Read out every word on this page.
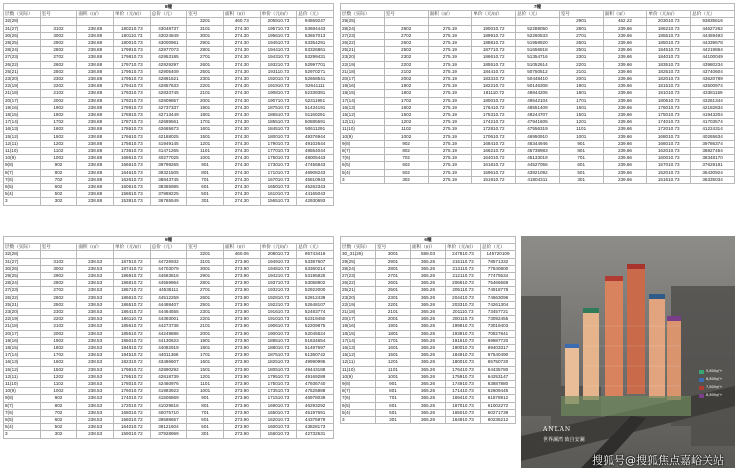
8幢								
层数（实际）	室号	面积（㎡）	单价（元/㎡）	总价（元）	室号	面积（㎡）	单价（元/㎡）	总价（元）
32(28)					3201	460.73	205910.73	94869247
31(27)	3102	238.88	180210.73	43048737	3101	274.30	195710.73	53684443
30(26)	3002	238.88	180110.73	43024849	3001	274.30	195610.73	53657013
29(25)	2902	238.88	180010.73	43000961	2901	274.30	194510.73	53354291
28(24)	2802	238.88	179910.73	42977073	2801	274.30	194410.73	53326861
27(23)	2702	238.88	179810.73	42953185	2701	274.30	194310.73	53299431
26(22)	2602	238.88	179710.73	42929297	2601	274.30	193210.73	52997701
25(21)	2502	238.88	179510.73	42905409	2501	274.30	193110.73	52970271
23(20)	2302	238.88	179510.73	42881521	2301	274.30	192010.73	52668541
22(19)	2202	238.88	179410.73	42857633	2201	274.30	191910.73	52641111
21(18)	2102	238.88	179310.73	42833745	2101	274.30	190810.73	52339381
20(17)	2002	238.88	179210.73	42809857	2001	274.30	190710.73	52311951
19(16)	1902	238.88	178910.73	42737337	1901	274.30	187510.73	51434191
18(15)	1802	238.88	178810.73	42713449	1801	274.30	186510.73	51160291
17(14)	1702	238.88	178710.73	42689561	1701	274.30	185510.73	50885591
16(13)	1602	238.88	178610.73	42665673	1601	274.30	184510.73	50611291
15(12)	1502	238.88	176610.73	42188025	1501	274.30	180010.73	49376944
12(11)	1202	238.88	175610.73	41949145	1201	274.30	179010.73	49102644
11(10)	1102	238.88	173610.73	41471265	1101	274.30	177010.73	48554044
10(9)	1002	238.88	168610.73	40277025	1001	274.30	175010.73	48005443
9(8)	902	238.88	166610.73	39799265	901	274.30	173010.73	47456843
8(7)	802	238.88	164610.73	39321505	801	274.30	171010.73	46908243
7(6)	702	238.88	162610.73	38843745	701	274.30	167010.73	45810943
6(5)	602	238.88	160610.73	38365985	601	274.30	165010.73	45262343
5(4)	502	238.88	158610.73	37888225	501	274.30	161010.73	44165043
3	302	238.88	153910.73	36765549	301	274.30	156510.73	42930693
7幢								
层数（实际）	室号	面积（㎡）	单价（元/㎡）	总价（元）	室号	面积（㎡）	单价（元/㎡）	总价（元）
29(25)					2901	462.22	203010.73	93835616
28(24)	2802	275.19	190010.72	52289050	2801	239.66	186210.73	44627262
27(23)	2702	275.19	189910.72	52260533	2701	239.66	185510.73	44459493
26(22)	2602	275.19	188810.72	51958920	2601	239.66	185010.73	44339678
25(21)	2502	275.19	187710.72	51656818	2501	239.66	184510.73	44219864
23(20)	2302	275.19	186610.72	51354716	2301	239.66	184010.73	44100049
22(19)	2202	275.19	185510.72	51052614	2201	239.66	183510.73	43980234
21(18)	2102	275.19	184410.72	50750512	2101	239.66	182510.73	43740604
20(17)	2002	275.19	183310.72	50448410	2001	239.66	182010.73	43620789
19(16)	1902	275.19	182210.72	50146308	1901	239.66	181510.73	43500974
18(15)	1802	275.19	181110.72	49844206	1801	239.66	181010.73	43381159
17(14)	1702	275.19	180010.72	49542104	1701	239.66	180510.73	43261344
16(13)	1602	275.19	176410.72	48551409	1601	239.66	176010.73	42182834
15(12)	1502	275.19	175310.72	48244707	1501	239.66	175010.73	41943204
12(11)	1202	275.19	174210.72	47941605	1201	239.66	174010.73	41703574
11(10)	1102	275.19	172810.72	47556319	1101	239.66	172010.73	41224314
10(9)	1002	275.19	170610.72	46950910	1001	239.66	168010.73	40265634
9(8)	902	275.19	168410.72	46344946	901	239.66	166010.73	39786374
8(7)	802	275.19	166210.72	45738983	801	239.66	162010.73	38827454
7(6)	702	275.19	164010.72	45133019	701	239.66	160010.73	38348170
6(5)	602	275.19	161810.72	44527056	601	239.66	157010.73	37629181
5(4)	502	275.19	159610.72	43921092	501	239.66	152010.73	36430924
3	302	275.19	151910.72	41804311	301	239.66	151610.73	36335034
9幢								
层数（实际）	室号	面积（㎡）	单价（元/㎡）	总价（元）	室号	面积（㎡）	单价（元/㎡）	总价（元）
32(28)					3201	460.06	208010.73	95743419
31(27)	3102	238.53	187510.72	44726932	3101	273.90	194910.73	53387607
30(26)	3002	238.53	187410.72	44703079	3001	273.90	194810.73	53360214
29(25)	2902	238.53	186910.72	44583816	2901	273.90	194210.73	53195825
28(24)	2802	238.53	186810.72	44559964	2801	273.90	193710.73	53058902
27(23)	2702	238.53	186710.72	44536111	2701	273.90	193210.73	52922000
26(22)	2602	238.53	186610.72	44512259	2601	273.90	192810.73	52812438
25(21)	2502	238.53	186510.72	44488407	2501	273.90	192210.73	52648107
23(20)	2302	238.53	186410.72	44464555	2301	273.90	191610.73	52483774
22(19)	2202	238.53	186110.72	44393001	2201	273.90	191010.73	52319450
21(18)	2102	238.53	185610.72	44273738	2101	273.90	190610.73	52209875
20(17)	2002	238.53	185510.72	44249886	2001	273.90	190010.73	52045524
19(16)	1902	238.53	185010.72	44130623	1901	273.90	188510.73	51634654
18(15)	1802	238.53	184810.72	44082919	1801	273.90	188010.73	51497697
17(14)	1702	238.53	184510.72	44011366	1701	273.90	187510.73	51360742
16(13)	1602	238.53	182310.72	43486607	1601	273.90	182510.73	49990995
15(12)	1502	238.53	179810.72	42890292	1501	273.90	180510.73	49443188
12(11)	1202	238.53	179510.72	42818739	1201	273.90	179510.73	49169289
11(10)	1102	238.53	178010.72	42460976	1101	273.90	175010.73	47936740
10(9)	1002	238.53	176010.72	41983923	1001	273.90	173510.73	47525888
9(8)	902	238.53	174010.72	41506869	901	273.90	171510.73	46978039
8(7)	802	238.53	172010.72	41029816	801	273.90	169010.73	46293292
7(6)	702	238.53	168010.72	40075710	701	273.90	165010.73	45197691
6(5)	602	238.53	166010.72	39598657	601	273.90	162010.73	44375979
5(4)	502	238.53	164010.72	39121604	501	273.90	160010.73	43828173
3	302	238.53	159010.72	37928969	301	273.90	156010.73	42732531
6幢				
层数（实际）	室号	面积（㎡）	单价（元/㎡）	总价（元）
30_31(26)	3001	588.03	247810.73	145720109
29(25)	2901	365.26	215110.73	78571332
28(24)	2801	365.26	213110.73	77840800
27(23)	2701	365.26	212110.73	77475534
26(22)	2601	365.26	206610.73	75466668
25(21)	2501	365.26	205110.73	74918778
23(20)	2301	365.26	204410.73	74663096
22(19)	2201	365.26	203310.73	74261304
21(18)	2101	365.26	201110.73	73457721
20(17)	2001	365.26	200110.73	73092455
19(16)	1901	365.26	199910.73	73019403
18(15)	1801	365.26	193910.73	70827841
17(14)	1701	365.26	191610.73	69987720
16(13)	1601	365.26	190010.73	69403317
15(12)	1501	365.26	184910.73	67540490
12(11)	1201	365.26	180010.73	65750720
11(10)	1101	365.26	176410.73	64435780
10(9)	1001	365.26	175910.73	64253147
9(8)	901	365.26	174910.73	63887880
8(7)	801	365.26	171410.73	62609445
7(6)	701	365.26	169410.73	61878912
6(5)	601	365.26	167010.73	61002272
5(4)	501	365.26	165010.73	60271739
3	301	365.26	164910.73	60235212
ANLAN
世界澜湾 致自安澜
5,800㎡+
6,800㎡+
7,800㎡+
8,800㎡+
搜狐号@搜狐焦点嘉峪关站
